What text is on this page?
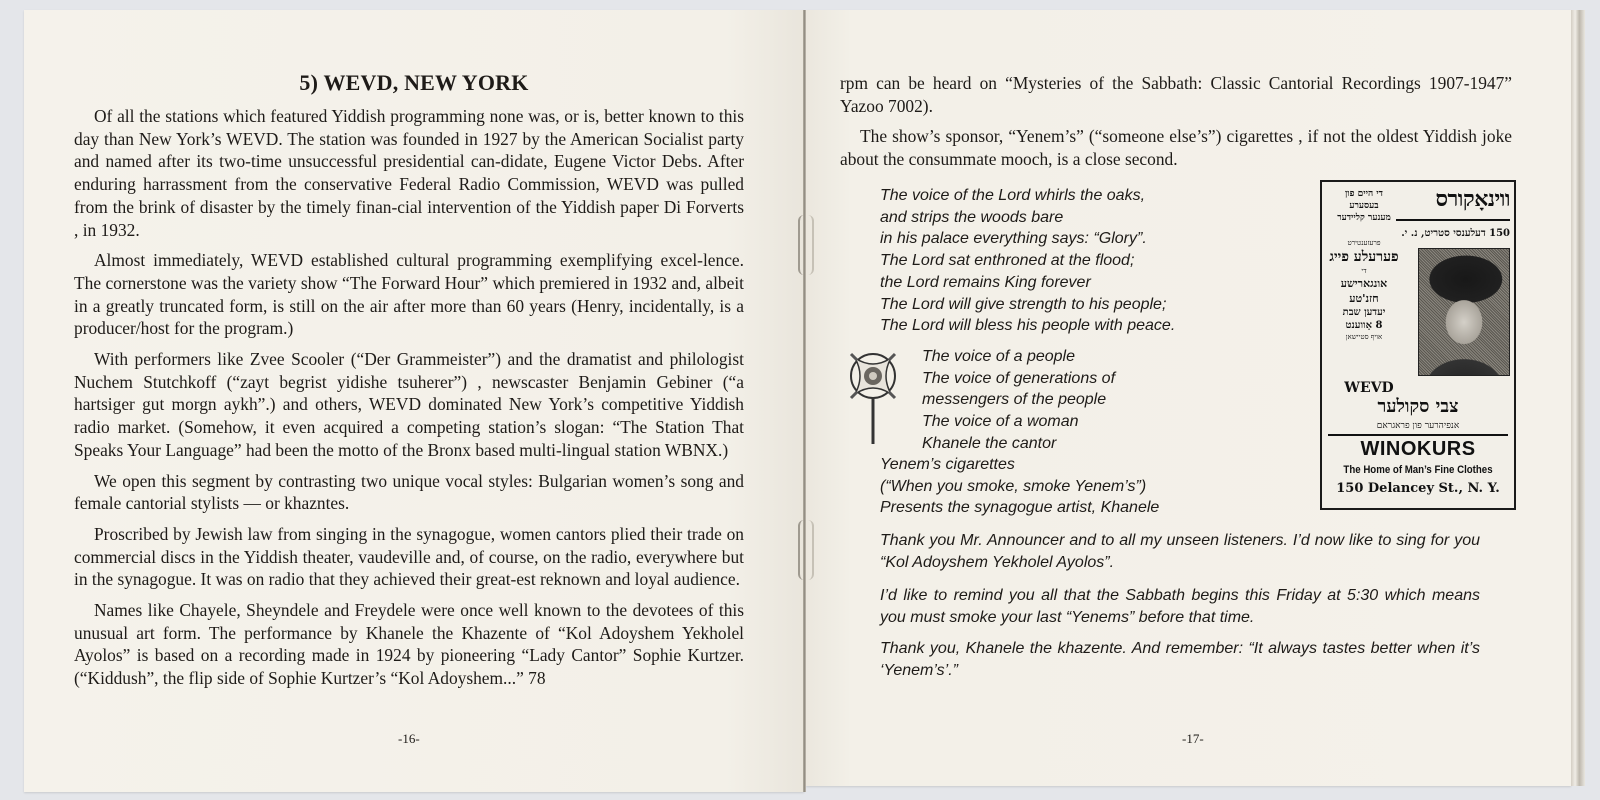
5) WEVD, NEW YORK

Of all the stations which featured Yiddish programming none was, or is, better known to this day than New York’s WEVD. The station was founded in 1927 by the American Socialist party and named after its two-time unsuccessful presidential can-didate, Eugene Victor Debs. After enduring harrassment from the conservative Federal Radio Commission, WEVD was pulled from the brink of disaster by the timely finan-cial intervention of the Yiddish paper Di Forverts , in 1932.

Almost immediately, WEVD established cultural programming exemplifying excel-lence. The cornerstone was the variety show “The Forward Hour” which premiered in 1932 and, albeit in a greatly truncated form, is still on the air after more than 60 years (Henry, incidentally, is a producer/host for the program.)

With performers like Zvee Scooler (“Der Grammeister”) and the dramatist and philologist Nuchem Stutchkoff (“zayt begrist yidishe tsuherer”) , newscaster Benjamin Gebiner (“a hartsiger gut morgn aykh”.) and others, WEVD dominated New York’s competitive Yiddish radio market. (Somehow, it even acquired a competing station’s slogan: “The Station That Speaks Your Language” had been the motto of the Bronx based multi-lingual station WBNX.)

We open this segment by contrasting two unique vocal styles: Bulgarian women’s song and female cantorial stylists — or khazntes.

Proscribed by Jewish law from singing in the synagogue, women cantors plied their trade on commercial discs in the Yiddish theater, vaudeville and, of course, on the radio, everywhere but in the synagogue. It was on radio that they achieved their great-est reknown and loyal audience.

Names like Chayele, Sheyndele and Freydele were once well known to the devotees of this unusual art form. The performance by Khanele the Khazente of “Kol Adoyshem Yekholel Ayolos” is based on a recording made in 1924 by pioneering “Lady Cantor” Sophie Kurtzer. (“Kiddush”, the flip side of Sophie Kurtzer’s “Kol Adoyshem...” 78

-16-

rpm can be heard on “Mysteries of the Sabbath: Classic Cantorial Recordings 1907-1947” Yazoo 7002).

The show’s sponsor, “Yenem’s” (“someone else’s”) cigarettes , if not the oldest Yiddish joke about the consummate mooch, is a close second.

The voice of the Lord whirls the oaks,
and strips the woods bare
in his palace everything says: “Glory”.
The Lord sat enthroned at the flood;
the Lord remains King forever
The Lord will give strength to his people;
The Lord will bless his people with peace.
The voice of a people
The voice of generations of
messengers of the people
The voice of a woman
Khanele the cantor
Yenem’s cigarettes
(“When you smoke, smoke Yenem’s”)
Presents the synagogue artist, Khanele
Thank you Mr. Announcer and to all my unseen listeners. I’d now like to sing for you “Kol Adoyshem Yekholel Ayolos”.
I’d like to remind you all that the Sabbath begins this Friday at 5:30 which means you must smoke your last “Yenems” before that time.
Thank you, Khanele the khazente. And remember: “It always tastes better when it’s ‘Yenem’s’.”
-17-
ווינאָקורס
150 דעלענסי סטריט, נ. י.
די היים פון
בעסערע
מענער קליידער
פרעזענטירט
פערעלע פייג
די
אונגארישע
חזנ'טע
יעדען שבת
8 אָווענט
אויף סטיישאן
WEVD
צבי סקולער
אנפיהרער פון פראגראם
WINOKURS
The Home of Man’s Fine Clothes
150 Delancey St., N. Y.
